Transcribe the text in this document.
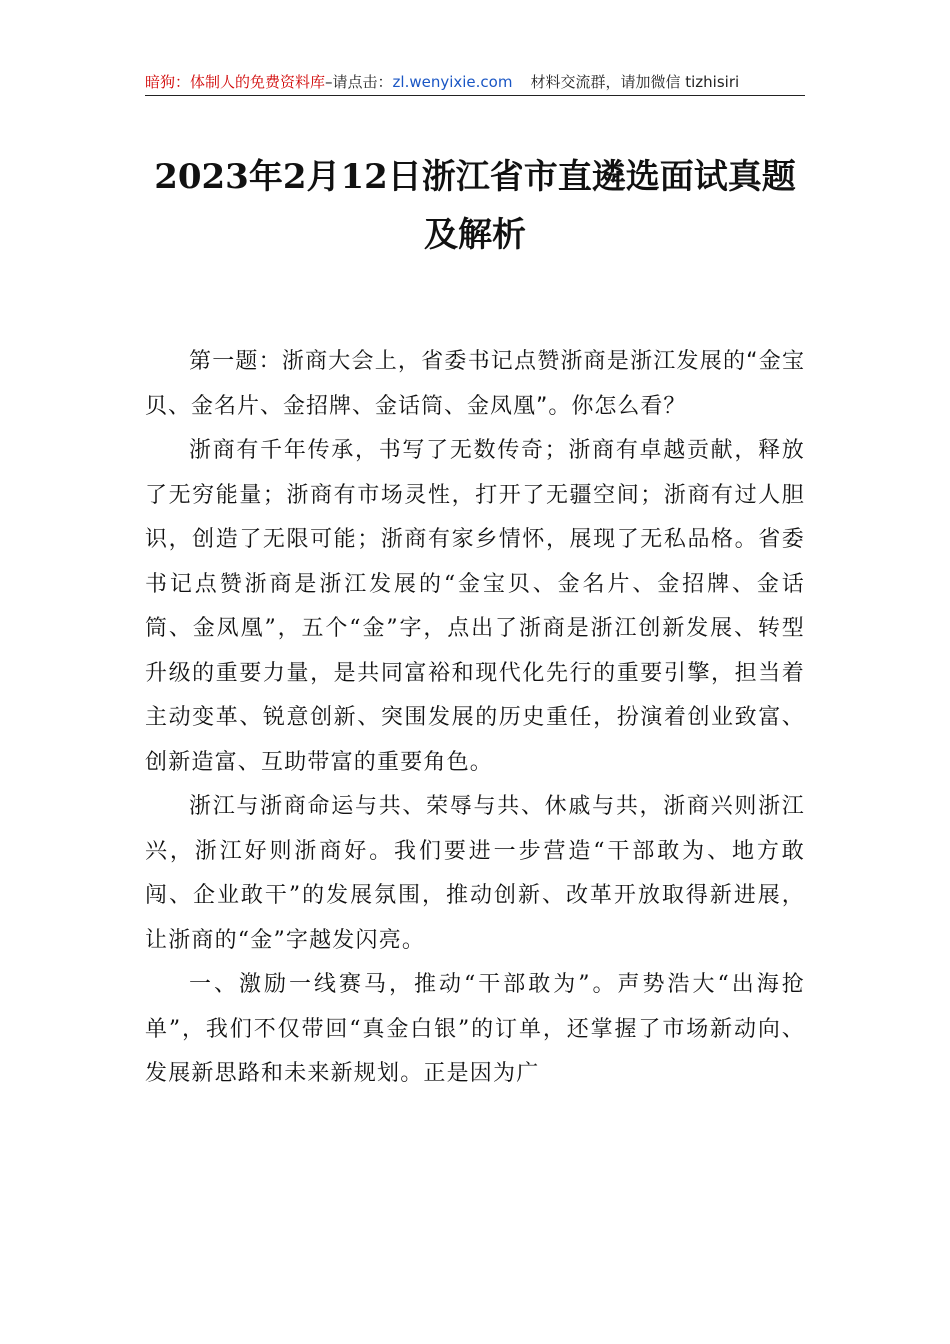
暗狗：体制人的免费资料库–请点击：zl.wenyixie.com 材料交流群，请加微信 tizhisiri
2023年2月12日浙江省市直遴选面试真题
及解析

第一题：浙商大会上，省委书记点赞浙商是浙江发展的“金宝贝、金名片、金招牌、金话筒、金凤凰”。你怎么看？

浙商有千年传承，书写了无数传奇；浙商有卓越贡献，释放了无穷能量；浙商有市场灵性，打开了无疆空间；浙商有过人胆识，创造了无限可能；浙商有家乡情怀，展现了无私品格。省委书记点赞浙商是浙江发展的“金宝贝、金名片、金招牌、金话筒、金凤凰”，五个“金”字，点出了浙商是浙江创新发展、转型升级的重要力量，是共同富裕和现代化先行的重要引擎，担当着主动变革、锐意创新、突围发展的历史重任，扮演着创业致富、创新造富、互助带富的重要角色。

浙江与浙商命运与共、荣辱与共、休戚与共，浙商兴则浙江兴，浙江好则浙商好。我们要进一步营造“干部敢为、地方敢闯、企业敢干”的发展氛围，推动创新、改革开放取得新进展，让浙商的“金”字越发闪亮。

一、激励一线赛马，推动“干部敢为”。声势浩大“出海抢单”，我们不仅带回“真金白银”的订单，还掌握了市场新动向、发展新思路和未来新规划。正是因为广
